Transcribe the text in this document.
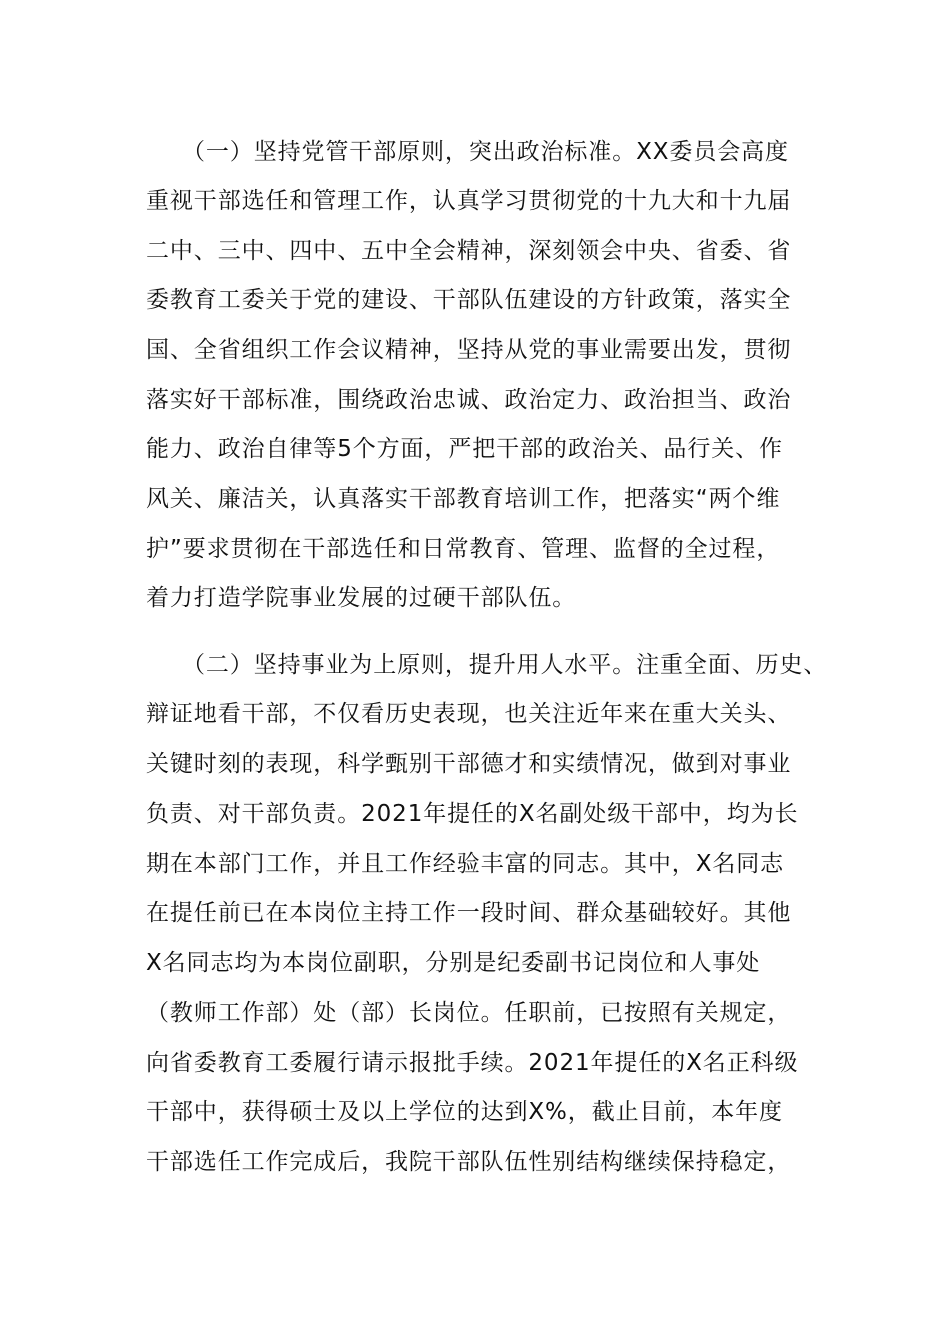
（一）坚持党管干部原则，突出政治标准。XX委员会高度
重视干部选任和管理工作，认真学习贯彻党的十九大和十九届
二中、三中、四中、五中全会精神，深刻领会中央、省委、省
委教育工委关于党的建设、干部队伍建设的方针政策，落实全
国、全省组织工作会议精神，坚持从党的事业需要出发，贯彻
落实好干部标准，围绕政治忠诚、政治定力、政治担当、政治
能力、政治自律等5个方面，严把干部的政治关、品行关、作
风关、廉洁关，认真落实干部教育培训工作，把落实“两个维
护”要求贯彻在干部选任和日常教育、管理、监督的全过程，
着力打造学院事业发展的过硬干部队伍。
（二）坚持事业为上原则，提升用人水平。注重全面、历史、
辩证地看干部，不仅看历史表现，也关注近年来在重大关头、
关键时刻的表现，科学甄别干部德才和实绩情况，做到对事业
负责、对干部负责。2021年提任的X名副处级干部中，均为长
期在本部门工作，并且工作经验丰富的同志。其中，X名同志
在提任前已在本岗位主持工作一段时间、群众基础较好。其他
X名同志均为本岗位副职，分别是纪委副书记岗位和人事处
（教师工作部）处（部）长岗位。任职前，已按照有关规定，
向省委教育工委履行请示报批手续。2021年提任的X名正科级
干部中，获得硕士及以上学位的达到X%，截止目前，本年度
干部选任工作完成后，我院干部队伍性别结构继续保持稳定，
